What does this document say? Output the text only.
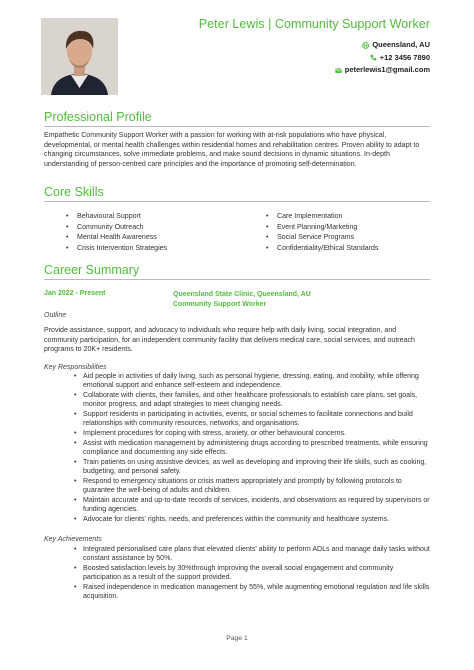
Peter Lewis | Community Support Worker
Queensland, AU
+12 3456 7890
peterlewis1@gmail.com
Professional Profile
Empathetic Community Support Worker with a passion for working with at-risk populations who have physical, developmental, or mental health challenges within residential homes and rehabilitation centres. Proven ability to adapt to changing circumstances, solve immediate problems, and make sound decisions in dynamic situations. In-depth understanding of person-centred care principles and the importance of promoting self-determination.
Core Skills
• Behavioural Support	• Care Implementation
• Community Outreach	• Event Planning/Marketing
• Mental Health Awareness	• Social Service Programs
• Crisis Intervention Strategies	• Confidentiality/Ethical Standards
Career Summary
Jan 2022 - Present	Queensland State Clinic, Queensland, AU
Community Support Worker
Outline
Provide assistance, support, and advocacy to individuals who require help with daily living, social integration, and community participation, for an independent community facility that delivers medical care, social services, and outreach programs to 20K+ residents.
Key Responsibilities
• Aid people in activities of daily living, such as personal hygiene, dressing, eating, and mobility, while offering emotional support and enhance self-esteem and independence.
• Collaborate with clients, their families, and other healthcare professionals to establish care plans, set goals, monitor progress, and adapt strategies to meet changing needs.
• Support residents in participating in activities, events, or social schemes to facilitate connections and build relationships with community resources, networks, and organisations.
• Implement procedures for coping with stress, anxiety, or other behavioural concerns.
• Assist with medication management by administering drugs according to prescribed treatments, while ensuring compliance and documenting any side effects.
• Train patients on using assistive devices, as well as developing and improving their life skills, such as cooking, budgeting, and personal safety.
• Respond to emergency situations or crisis matters appropriately and promptly by following protocols to guarantee the well-being of adults and children.
• Maintain accurate and up-to-date records of services, incidents, and observations as required by supervisors or funding agencies.
• Advocate for clients' rights, needs, and preferences within the community and healthcare systems.
Key Achievements
• Integrated personalised care plans that elevated clients' ability to perform ADLs and manage daily tasks without constant assistance by 50%.
• Boosted satisfaction levels by 30%through improving the overall social engagement and community participation as a result of the support provided.
• Raised independence in medication management by 55%, while augmenting emotional regulation and life skills acquisition.
Page 1
